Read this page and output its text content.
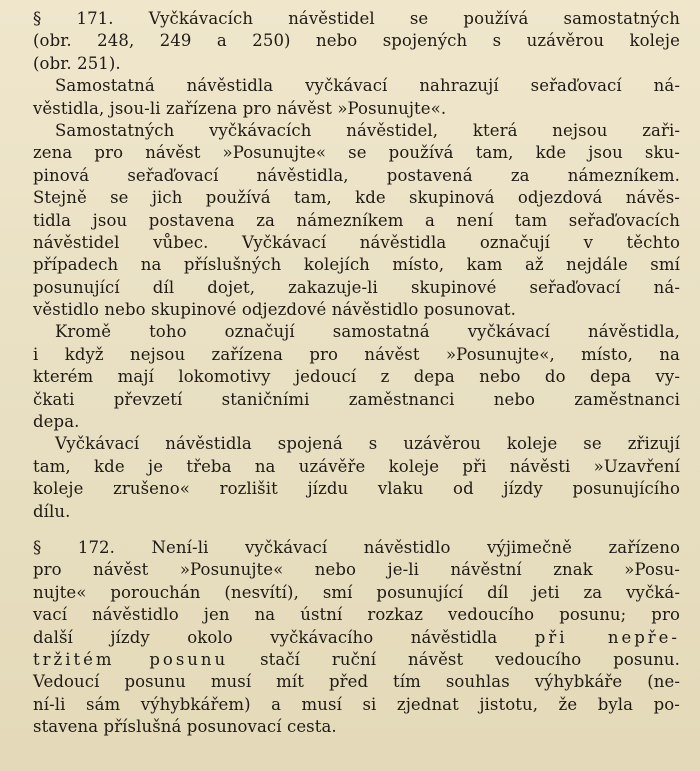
§ 171. Vyčkávacích návěstidel se používá samostatných
(obr. 248, 249 a 250) nebo spojených s uzávěrou koleje
(obr. 251).
Samostatná návěstidla vyčkávací nahrazují seřaďovací ná-
věstidla, jsou-li zařízena pro návěst »Posunujte«.
Samostatných vyčkávacích návěstidel, která nejsou zaři-
zena pro návěst »Posunujte« se používá tam, kde jsou sku-
pinová seřaďovací návěstidla, postavená za námezníkem.
Stejně se jich používá tam, kde skupinová odjezdová návěs-
tidla jsou postavena za námezníkem a není tam seřaďovacích
návěstidel vůbec. Vyčkávací návěstidla označují v těchto
případech na příslušných kolejích místo, kam až nejdále smí
posunující díl dojet, zakazuje-li skupinové seřaďovací ná-
věstidlo nebo skupinové odjezdové návěstidlo posunovat.
Kromě toho označují samostatná vyčkávací návěstidla,
i když nejsou zařízena pro návěst »Posunujte«, místo, na
kterém mají lokomotivy jedoucí z depa nebo do depa vy-
čkati převzetí staničními zaměstnanci nebo zaměstnanci
depa.
Vyčkávací návěstidla spojená s uzávěrou koleje se zřizují
tam, kde je třeba na uzávěře koleje při návěsti »Uzavření
koleje zrušeno« rozlišit jízdu vlaku od jízdy posunujícího
dílu.
§ 172. Není-li vyčkávací návěstidlo výjimečně zařízeno
pro návěst »Posunujte« nebo je-li návěstní znak »Posu-
nujte« porouchán (nesvítí), smí posunující díl jeti za vyčká-
vací návěstidlo jen na ústní rozkaz vedoucího posunu; pro
další jízdy okolo vyčkávacího návěstidla při nepře-
tržitém posunu stačí ruční návěst vedoucího posunu.
Vedoucí posunu musí mít před tím souhlas výhybkáře (ne-
ní-li sám výhybkářem) a musí si zjednat jistotu, že byla po-
stavena příslušná posunovací cesta.
